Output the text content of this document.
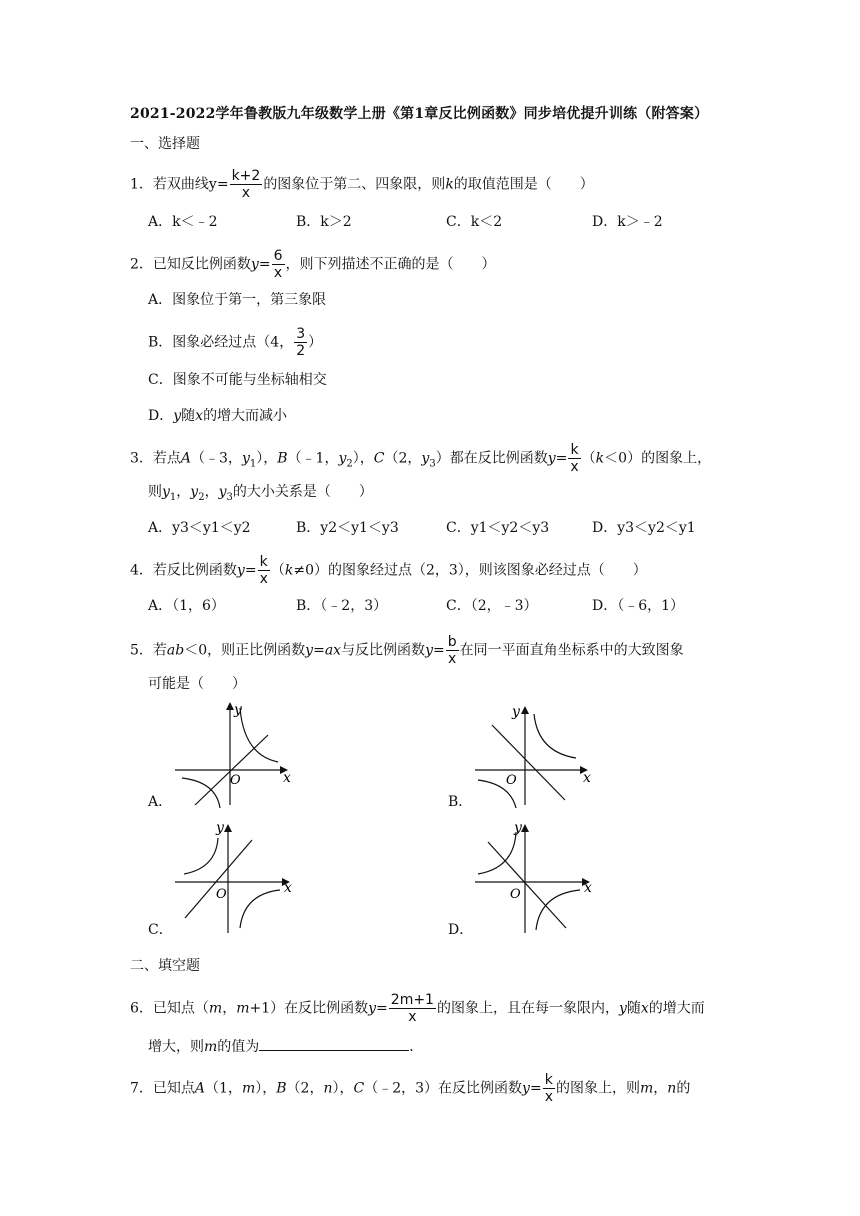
2021-2022学年鲁教版九年级数学上册《第1章反比例函数》同步培优提升训练（附答案）
一、选择题
1．若双曲线$y= \frac{k+2}{x}$ 的图象位于第二、四象限，则k的取值范围是（　　）
A．k＜﹣2	B．k＞2	C．k＜2	D．k＞﹣2
2．已知反比例函数$y= \frac{6}{x}$ ，则下列描述不正确的是（　　）
A．图象位于第一，第三象限
B．图象必经过点（4， $\frac{3}{2}$ ）
C．图象不可能与坐标轴相交
D．y随x的增大而减小
3．若点A（﹣3，$y_1$），B（﹣1，$y_2$），C（2，$y_3$）都在反比例函数$y= \frac{k}{x} (k<0)$的图象上，
则$y_1$，$y_2$，$y_3$的大小关系是（　　）
A．y3＜y1＜y2	B．y2＜y1＜y3	C．y1＜y2＜y3	D．y3＜y2＜y1
4．若反比例函数$y= \frac{k}{x} (k\ne 0)$的图象经过点（2，3），则该图象必经过点（　　）
A．（1，6）	B．（﹣2，3）	C．（2，﹣3）	D．（﹣6，1）
5．若ab＜0，则正比例函数y=ax与反比例函数$y= \frac{b}{x}$ 在同一平面直角坐标系中的大致图象
可能是（　　）
A．
x
y
O
B．
x
y
O
C．
x
y
O
D．
x
y
O
二、填空题
6．已知点（m，m+1）在反比例函数$y= \frac{2m+1}{x}$ 的图象上，且在每一象限内，y随x的增大而
增大，则m的值为	．
7．已知点A（1，m），B（2，n），C（﹣2，3）在反比例函数$y= \frac{k}{x}$ 的图象上，则m，n的
